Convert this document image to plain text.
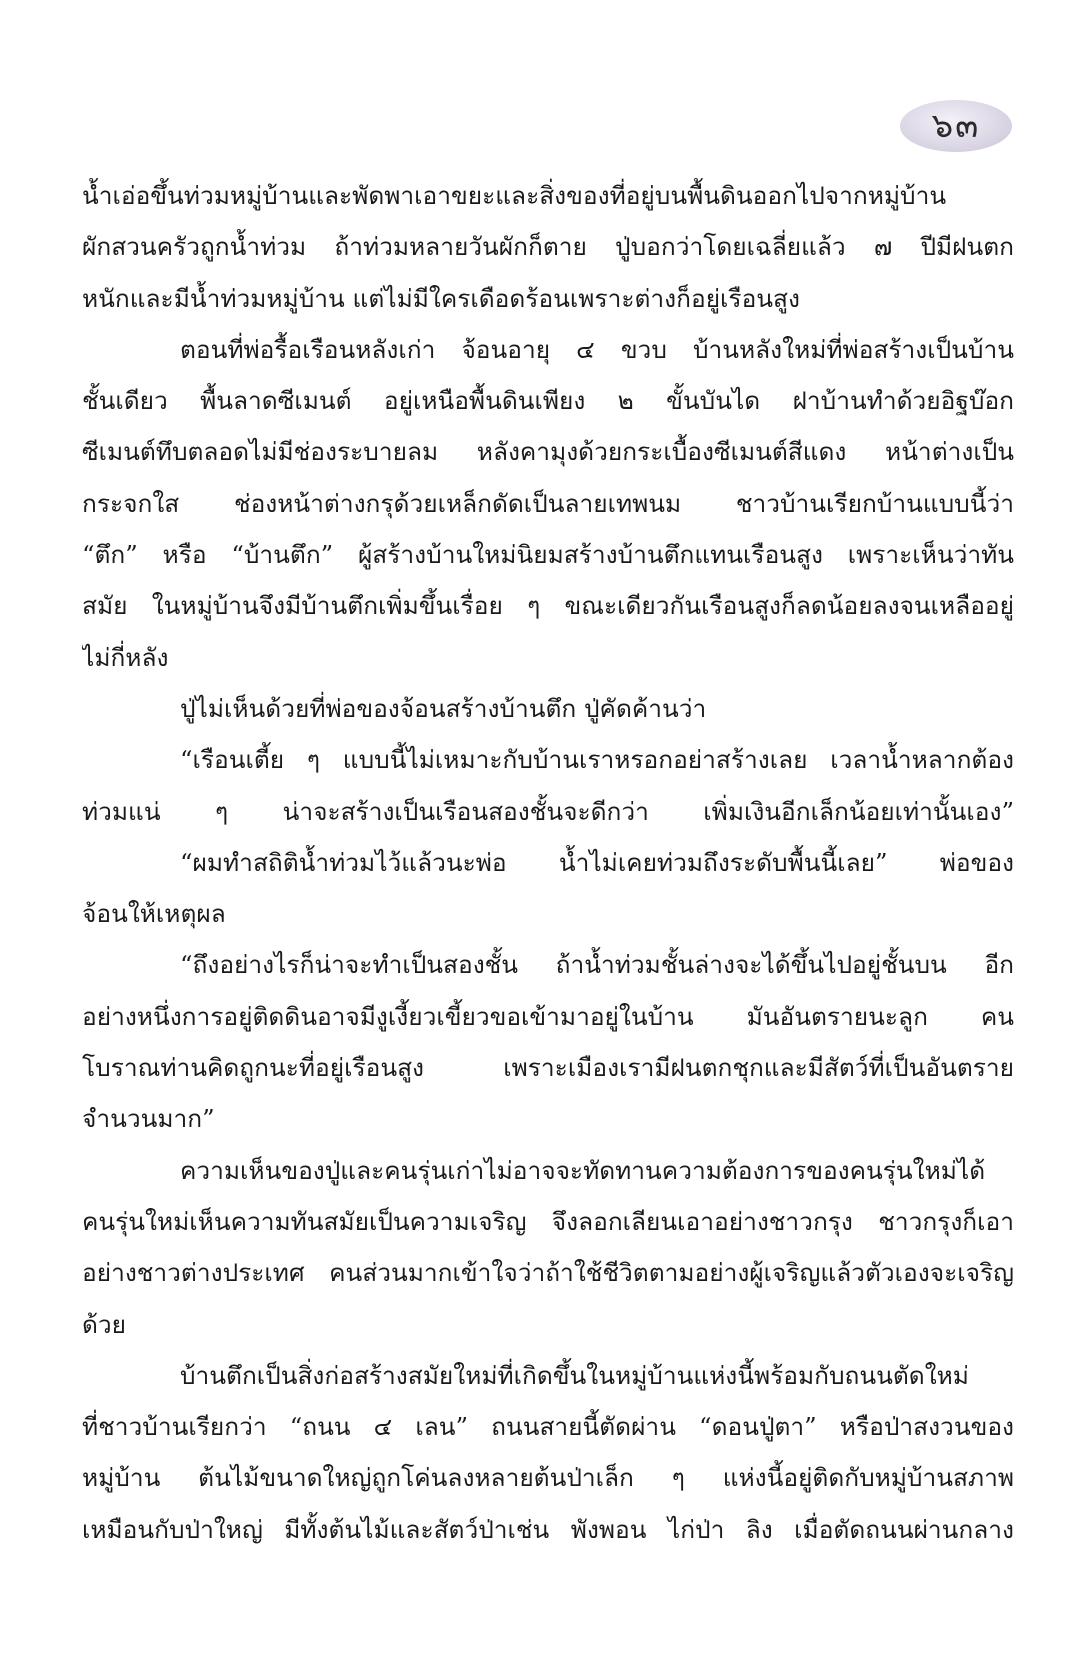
๖๓
น้ำเอ่อขึ้นท่วมหมู่บ้านและพัดพาเอาขยะและสิ่งของที่อยู่บนพื้นดินออกไปจากหมู่บ้าน
ผักสวนครัวถูกน้ำท่วม ถ้าท่วมหลายวันผักก็ตาย ปู่บอกว่าโดยเฉลี่ยแล้ว ๗ ปีมีฝนตก
หนักและมีน้ำท่วมหมู่บ้าน แต่ไม่มีใครเดือดร้อนเพราะต่างก็อยู่เรือนสูง
ตอนที่พ่อรื้อเรือนหลังเก่า จ้อนอายุ ๔ ขวบ บ้านหลังใหม่ที่พ่อสร้างเป็นบ้าน
ชั้นเดียว พื้นลาดซีเมนต์ อยู่เหนือพื้นดินเพียง ๒ ขั้นบันได ฝาบ้านทำด้วยอิฐบ๊อก
ซีเมนต์ทึบตลอดไม่มีช่องระบายลม หลังคามุงด้วยกระเบื้องซีเมนต์สีแดง หน้าต่างเป็น
กระจกใส ช่องหน้าต่างกรุด้วยเหล็กดัดเป็นลายเทพนม ชาวบ้านเรียกบ้านแบบนี้ว่า
“ตึก” หรือ “บ้านตึก” ผู้สร้างบ้านใหม่นิยมสร้างบ้านตึกแทนเรือนสูง เพราะเห็นว่าทัน
สมัย ในหมู่บ้านจึงมีบ้านตึกเพิ่มขึ้นเรื่อย ๆ ขณะเดียวกันเรือนสูงก็ลดน้อยลงจนเหลืออยู่
ไม่กี่หลัง
ปู่ไม่เห็นด้วยที่พ่อของจ้อนสร้างบ้านตึก ปู่คัดค้านว่า
“เรือนเตี้ย ๆ แบบนี้ไม่เหมาะกับบ้านเราหรอกอย่าสร้างเลย เวลาน้ำหลากต้อง
ท่วมแน่ ๆ น่าจะสร้างเป็นเรือนสองชั้นจะดีกว่า เพิ่มเงินอีกเล็กน้อยเท่านั้นเอง”
“ผมทำสถิติน้ำท่วมไว้แล้วนะพ่อ น้ำไม่เคยท่วมถึงระดับพื้นนี้เลย” พ่อของ
จ้อนให้เหตุผล
“ถึงอย่างไรก็น่าจะทำเป็นสองชั้น ถ้าน้ำท่วมชั้นล่างจะได้ขึ้นไปอยู่ชั้นบน อีก
อย่างหนึ่งการอยู่ติดดินอาจมีงูเงี้ยวเขี้ยวขอเข้ามาอยู่ในบ้าน มันอันตรายนะลูก คน
โบราณท่านคิดถูกนะที่อยู่เรือนสูง เพราะเมืองเรามีฝนตกชุกและมีสัตว์ที่เป็นอันตราย
จำนวนมาก”
ความเห็นของปู่และคนรุ่นเก่าไม่อาจจะทัดทานความต้องการของคนรุ่นใหม่ได้
คนรุ่นใหม่เห็นความทันสมัยเป็นความเจริญ จึงลอกเลียนเอาอย่างชาวกรุง ชาวกรุงก็เอา
อย่างชาวต่างประเทศ คนส่วนมากเข้าใจว่าถ้าใช้ชีวิตตามอย่างผู้เจริญแล้วตัวเองจะเจริญ
ด้วย
บ้านตึกเป็นสิ่งก่อสร้างสมัยใหม่ที่เกิดขึ้นในหมู่บ้านแห่งนี้พร้อมกับถนนตัดใหม่
ที่ชาวบ้านเรียกว่า “ถนน ๔ เลน” ถนนสายนี้ตัดผ่าน “ดอนปู่ตา” หรือป่าสงวนของ
หมู่บ้าน ต้นไม้ขนาดใหญ่ถูกโค่นลงหลายต้นป่าเล็ก ๆ แห่งนี้อยู่ติดกับหมู่บ้านสภาพ
เหมือนกับป่าใหญ่ มีทั้งต้นไม้และสัตว์ป่าเช่น พังพอน ไก่ป่า ลิง เมื่อตัดถนนผ่านกลาง
